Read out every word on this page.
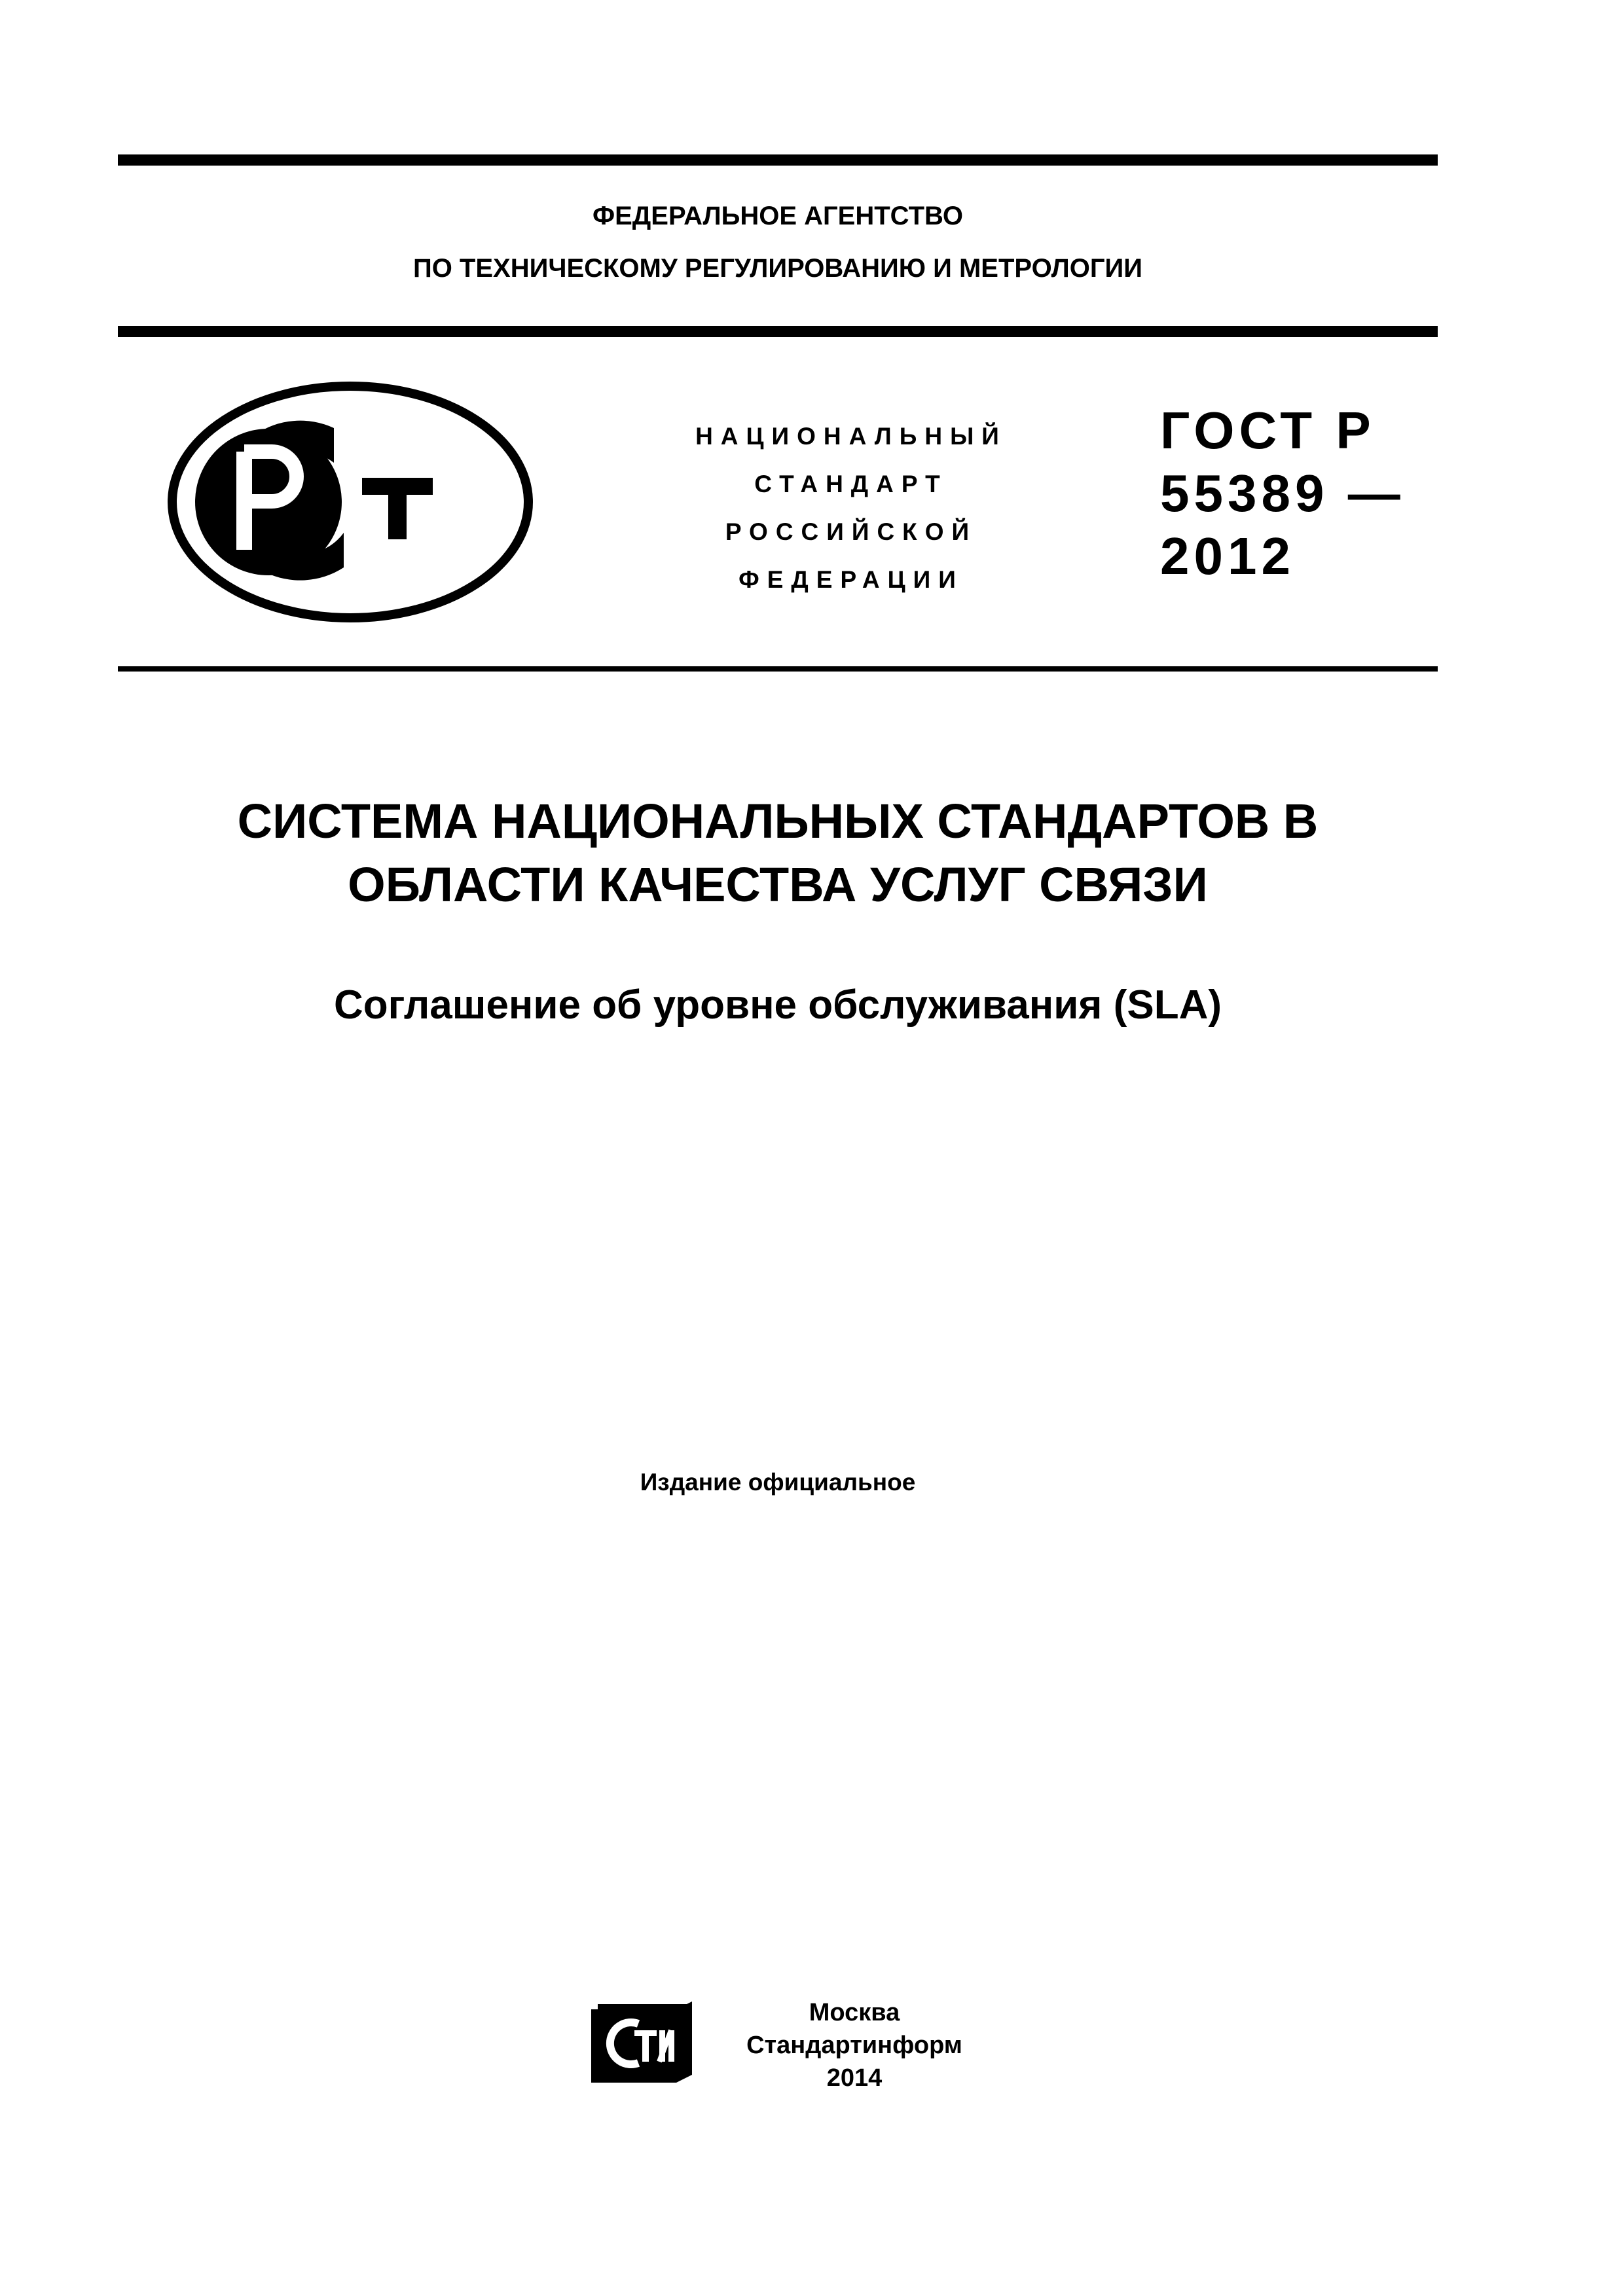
ФЕДЕРАЛЬНОЕ АГЕНТСТВО
ПО ТЕХНИЧЕСКОМУ РЕГУЛИРОВАНИЮ И МЕТРОЛОГИИ
НАЦИОНАЛЬНЫЙ
СТАНДАРТ
РОССИЙСКОЙ
ФЕДЕРАЦИИ
ГОСТ Р
55389 —
2012
СИСТЕМА НАЦИОНАЛЬНЫХ СТАНДАРТОВ В
ОБЛАСТИ КАЧЕСТВА УСЛУГ СВЯЗИ
Соглашение об уровне обслуживания (SLA)
Издание официальное
Москва
Стандартинформ
2014
